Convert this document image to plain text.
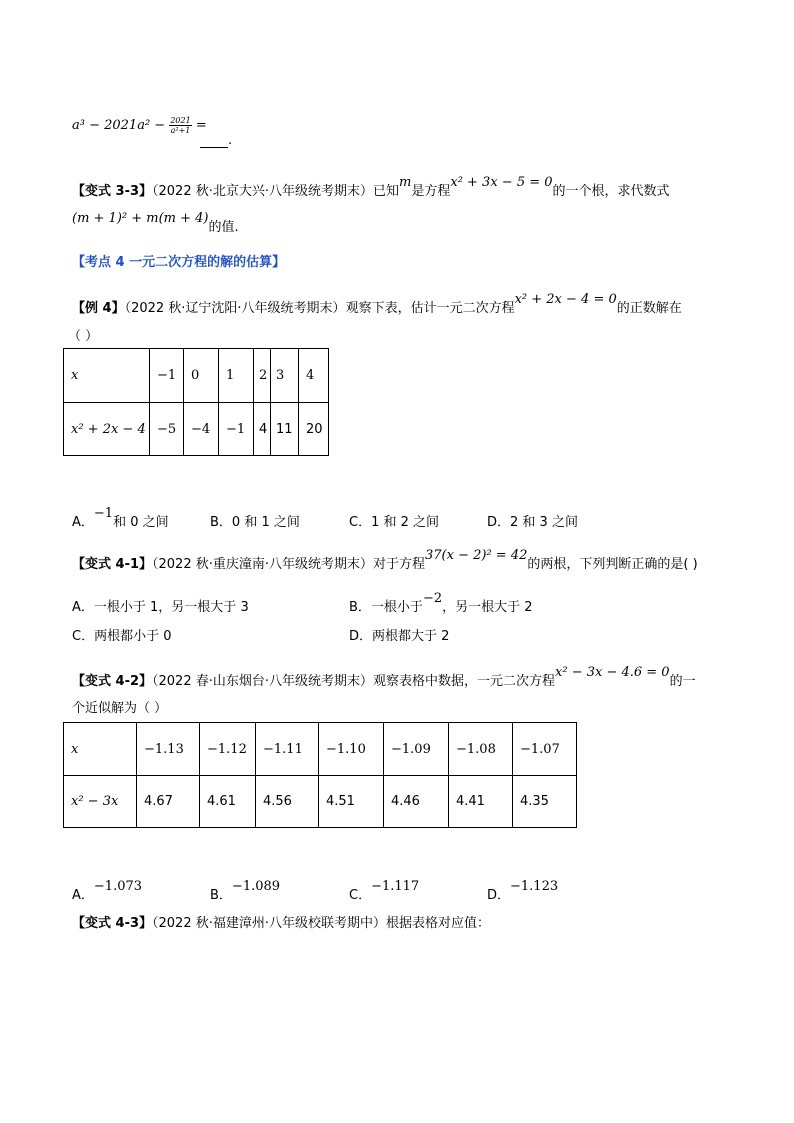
$a^3 - 2021a^2 - \frac{2021}{\text{a²+1}}$ =
.
【变式 3-3】（2022 秋·北京大兴·八年级统考期末）已知m是方程x² + 3x − 5 = 0的一个根，求代数式
(m + 1)² + m(m + 4)的值.
【考点 4 一元二次方程的解的估算】
【例 4】（2022 秋·辽宁沈阳·八年级统考期末）观察下表，估计一元二次方程x² + 2x − 4 = 0的正数解在
（ ）
x	−1	0	1	2	3	4
x² + 2x − 4	−5	−4	−1	4	11	20
A．−1和 0 之间	B．0 和 1 之间	C．1 和 2 之间	D．2 和 3 之间
【变式 4-1】（2022 秋·重庆潼南·八年级统考期末）对于方程37(x − 2)² = 42的两根，下列判断正确的是( )
A．一根小于 1，另一根大于 3	B．一根小于−2，另一根大于 2
C．两根都小于 0	D．两根都大于 2
【变式 4-2】（2022 春·山东烟台·八年级统考期末）观察表格中数据，一元二次方程x² − 3x − 4.6 = 0的一
个近似解为（ ）
x	−1.13	−1.12	−1.11	−1.10	−1.09	−1.08	−1.07
x² − 3x	4.67	4.61	4.56	4.51	4.46	4.41	4.35
A．−1.073
B．−1.089
C．−1.117
D．−1.123
【变式 4-3】（2022 秋·福建漳州·八年级校联考期中）根据表格对应值：
